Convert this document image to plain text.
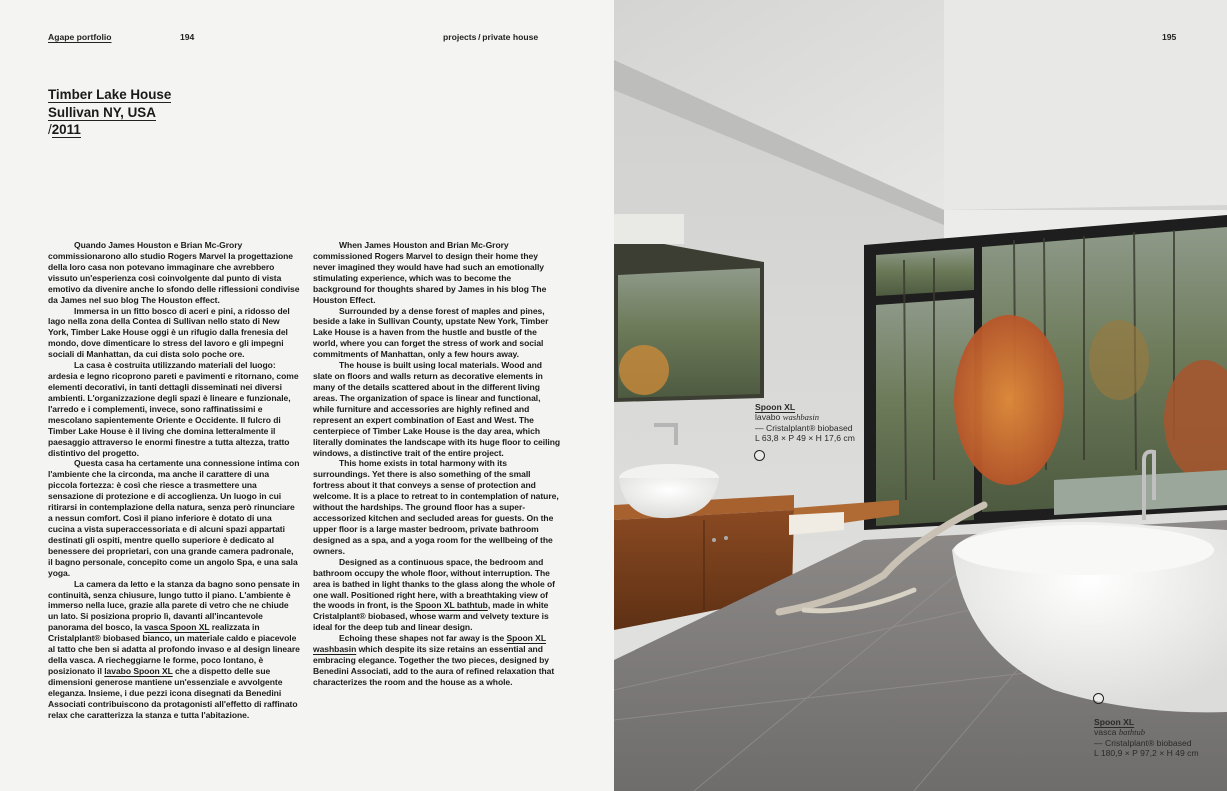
Agape portfolio	194	projects / private house
Timber Lake House
Sullivan NY, USA
/2011

Quando James Houston e Brian Mc-Grory commissionarono allo studio Rogers Marvel la progettazione della loro casa non potevano immaginare che avrebbero vissuto un'esperienza così coinvolgente dal punto di vista emotivo da divenire anche lo sfondo delle riflessioni condivise da James nel suo blog The Houston effect.

Immersa in un fitto bosco di aceri e pini, a ridosso del lago nella zona della Contea di Sullivan nello stato di New York, Timber Lake House oggi è un rifugio dalla frenesia del mondo, dove dimenticare lo stress del lavoro e gli impegni sociali di Manhattan, da cui dista solo poche ore.

La casa è costruita utilizzando materiali del luogo: ardesia e legno ricoprono pareti e pavimenti e ritornano, come elementi decorativi, in tanti dettagli disseminati nei diversi ambienti. L'organizzazione degli spazi è lineare e funzionale, l'arredo e i complementi, invece, sono raffinatissimi e mescolano sapientemente Oriente e Occidente. Il fulcro di Timber Lake House è il living che domina letteralmente il paesaggio attraverso le enormi finestre a tutta altezza, tratto distintivo del progetto.

Questa casa ha certamente una connessione intima con l'ambiente che la circonda, ma anche il carattere di una piccola fortezza: è così che riesce a trasmettere una sensazione di protezione e di accoglienza. Un luogo in cui ritirarsi in contemplazione della natura, senza però rinunciare a nessun comfort. Così il piano inferiore è dotato di una cucina a vista superaccessoriata e di alcuni spazi appartati destinati gli ospiti, mentre quello superiore è dedicato al benessere dei proprietari, con una grande camera padronale, il bagno personale, concepito come un angolo Spa, e una sala yoga.

La camera da letto e la stanza da bagno sono pensate in continuità, senza chiusure, lungo tutto il piano. L'ambiente è immerso nella luce, grazie alla parete di vetro che ne chiude un lato. Si posiziona proprio lì, davanti all'incantevole panorama del bosco, la vasca Spoon XL realizzata in Cristalplant® biobased bianco, un materiale caldo e piacevole al tatto che ben si adatta al profondo invaso e al design lineare della vasca. A riecheggiarne le forme, poco lontano, è posizionato il lavabo Spoon XL che a dispetto delle sue dimensioni generose mantiene un'essenziale e avvolgente eleganza. Insieme, i due pezzi icona disegnati da Benedini Associati contribuiscono da protagonisti all'effetto di raffinato relax che caratterizza la stanza e tutta l'abitazione.

When James Houston and Brian Mc-Grory commissioned Rogers Marvel to design their home they never imagined they would have had such an emotionally stimulating experience, which was to become the background for thoughts shared by James in his blog The Houston Effect.

Surrounded by a dense forest of maples and pines, beside a lake in Sullivan County, upstate New York, Timber Lake House is a haven from the hustle and bustle of the world, where you can forget the stress of work and social commitments of Manhattan, only a few hours away.

The house is built using local materials. Wood and slate on floors and walls return as decorative elements in many of the details scattered about in the different living areas. The organization of space is linear and functional, while furniture and accessories are highly refined and represent an expert combination of East and West. The centerpiece of Timber Lake House is the day area, which literally dominates the landscape with its huge floor to ceiling windows, a distinctive trait of the entire project.

This home exists in total harmony with its surroundings. Yet there is also something of the small fortress about it that conveys a sense of protection and welcome. It is a place to retreat to in contemplation of nature, without the hardships. The ground floor has a super-accessorized kitchen and secluded areas for guests. On the upper floor is a large master bedroom, private bathroom designed as a spa, and a yoga room for the wellbeing of the owners.

Designed as a continuous space, the bedroom and bathroom occupy the whole floor, without interruption. The area is bathed in light thanks to the glass along the whole of one wall. Positioned right here, with a breathtaking view of the woods in front, is the Spoon XL bathtub, made in white Cristalplant® biobased, whose warm and velvety texture is ideal for the deep tub and linear design.

Echoing these shapes not far away is the Spoon XL washbasin which despite its size retains an essential and embracing elegance. Together the two pieces, designed by Benedini Associati, add to the aura of refined relaxation that characterizes the room and the house as a whole.

Spoon XL
lavabo washbasin
— Cristalplant® biobased
L 63,8 × P 49 × H 17,6 cm
Spoon XL
vasca bathtub
— Cristalplant® biobased
L 180,9 × P 97,2 × H 49 cm
195
